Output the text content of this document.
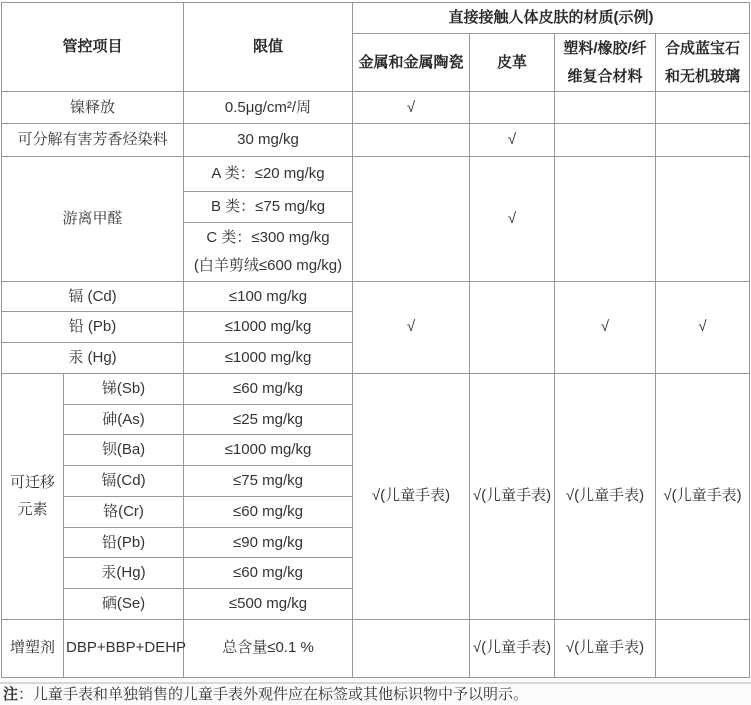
管控项目		限值	直接接触人体皮肤的材质(示例)			
			金属和金属陶瓷	皮革	塑料/橡胶/纤维复合材料	合成蓝宝石和无机玻璃
镍释放		0.5μg/cm²/周	√			
可分解有害芳香烃染料		30 mg/kg		√		
游离甲醛		A 类：≤20 mg/kg		√		
		B 类：≤75 mg/kg				

		C 类：≤300 mg/kg
(白羊剪绒≤600 mg/kg)				

镉 (Cd)		≤100 mg/kg	√		√	√
铅 (Pb)		≤1000 mg/kg				
汞 (Hg)		≤1000 mg/kg				
可迁移元素	锑(Sb)	≤60 mg/kg	√(儿童手表)	√(儿童手表)	√(儿童手表)	√(儿童手表)
	砷(As)	≤25 mg/kg				
	钡(Ba)	≤1000 mg/kg				
	镉(Cd)	≤75 mg/kg				
	铬(Cr)	≤60 mg/kg				
	铅(Pb)	≤90 mg/kg				
	汞(Hg)	≤60 mg/kg				
	硒(Se)	≤500 mg/kg				
增塑剂	DBP+BBP+DEHP	总含量≤0.1 %		√(儿童手表)	√(儿童手表)	
注：儿童手表和单独销售的儿童手表外观件应在标签或其他标识物中予以明示。
